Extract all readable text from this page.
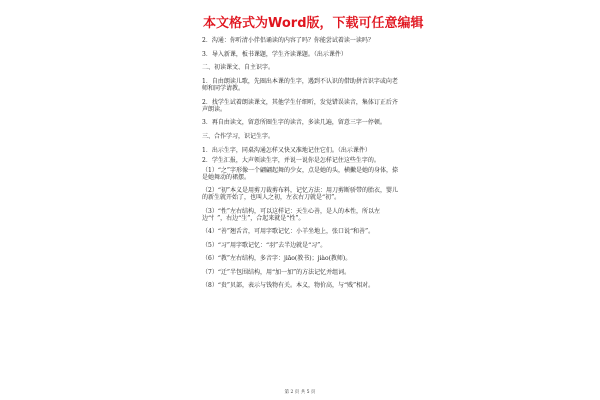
本文格式为Word版，下载可任意编辑

2．沟通：你听清小伴侣诵读的内容了吗？你能尝试着读一读吗？

3．导入新课，板书课题，学生齐读课题。（出示课件）

二、初读课文、自主识字。

1．自由朗读儿歌，先圈出本课的生字，遇到不认识的借助拼音识字或向老师和同学请教。

2．找学生试着朗读课文，其他学生仔细听，发觉错误读音，集体订正后齐声朗读。

3．再自由读文，留意所圈生字的读音，多读几遍，留意三字一停顿。

三、合作学习，识记生字。

1．出示生字，同桌沟通怎样又快又准地记住它们。（出示课件）

2．学生汇报，大声领读生字，并说一说你是怎样记住这些生字的。

（1）“之”字形像一个翩翩起舞的少女，点是她的头，横撇是她的身体，捺是她舞动的裙摆。

（2）“初”本义是用剪刀裁剪布料，记忆方法：用刀剪断骄带的胎衣，婴儿的新生就开始了，也叫人之初，左衣右刀就是“初”。

（3）“性”左右结构，可以这样记：天生心善，是人的本性，所以左边“忄”，右边“生”，合起来就是“性”。

（4）“善”翘舌音，可用字歌记忆：小羊坐地上，张口说“和善”。

（5）“习”用字歌记忆：“羽”去半边就是“习”。

（6）“教”左右结构，多音字：jiāo(教书)；jiào(教师)。

（7）“迁”半包围结构，用“加一加”的方法记忆并组词。

（8）“贵”贝部，表示与钱物有关。本义，物价高，与“贱”相对。

第 2 页 共 5 页
